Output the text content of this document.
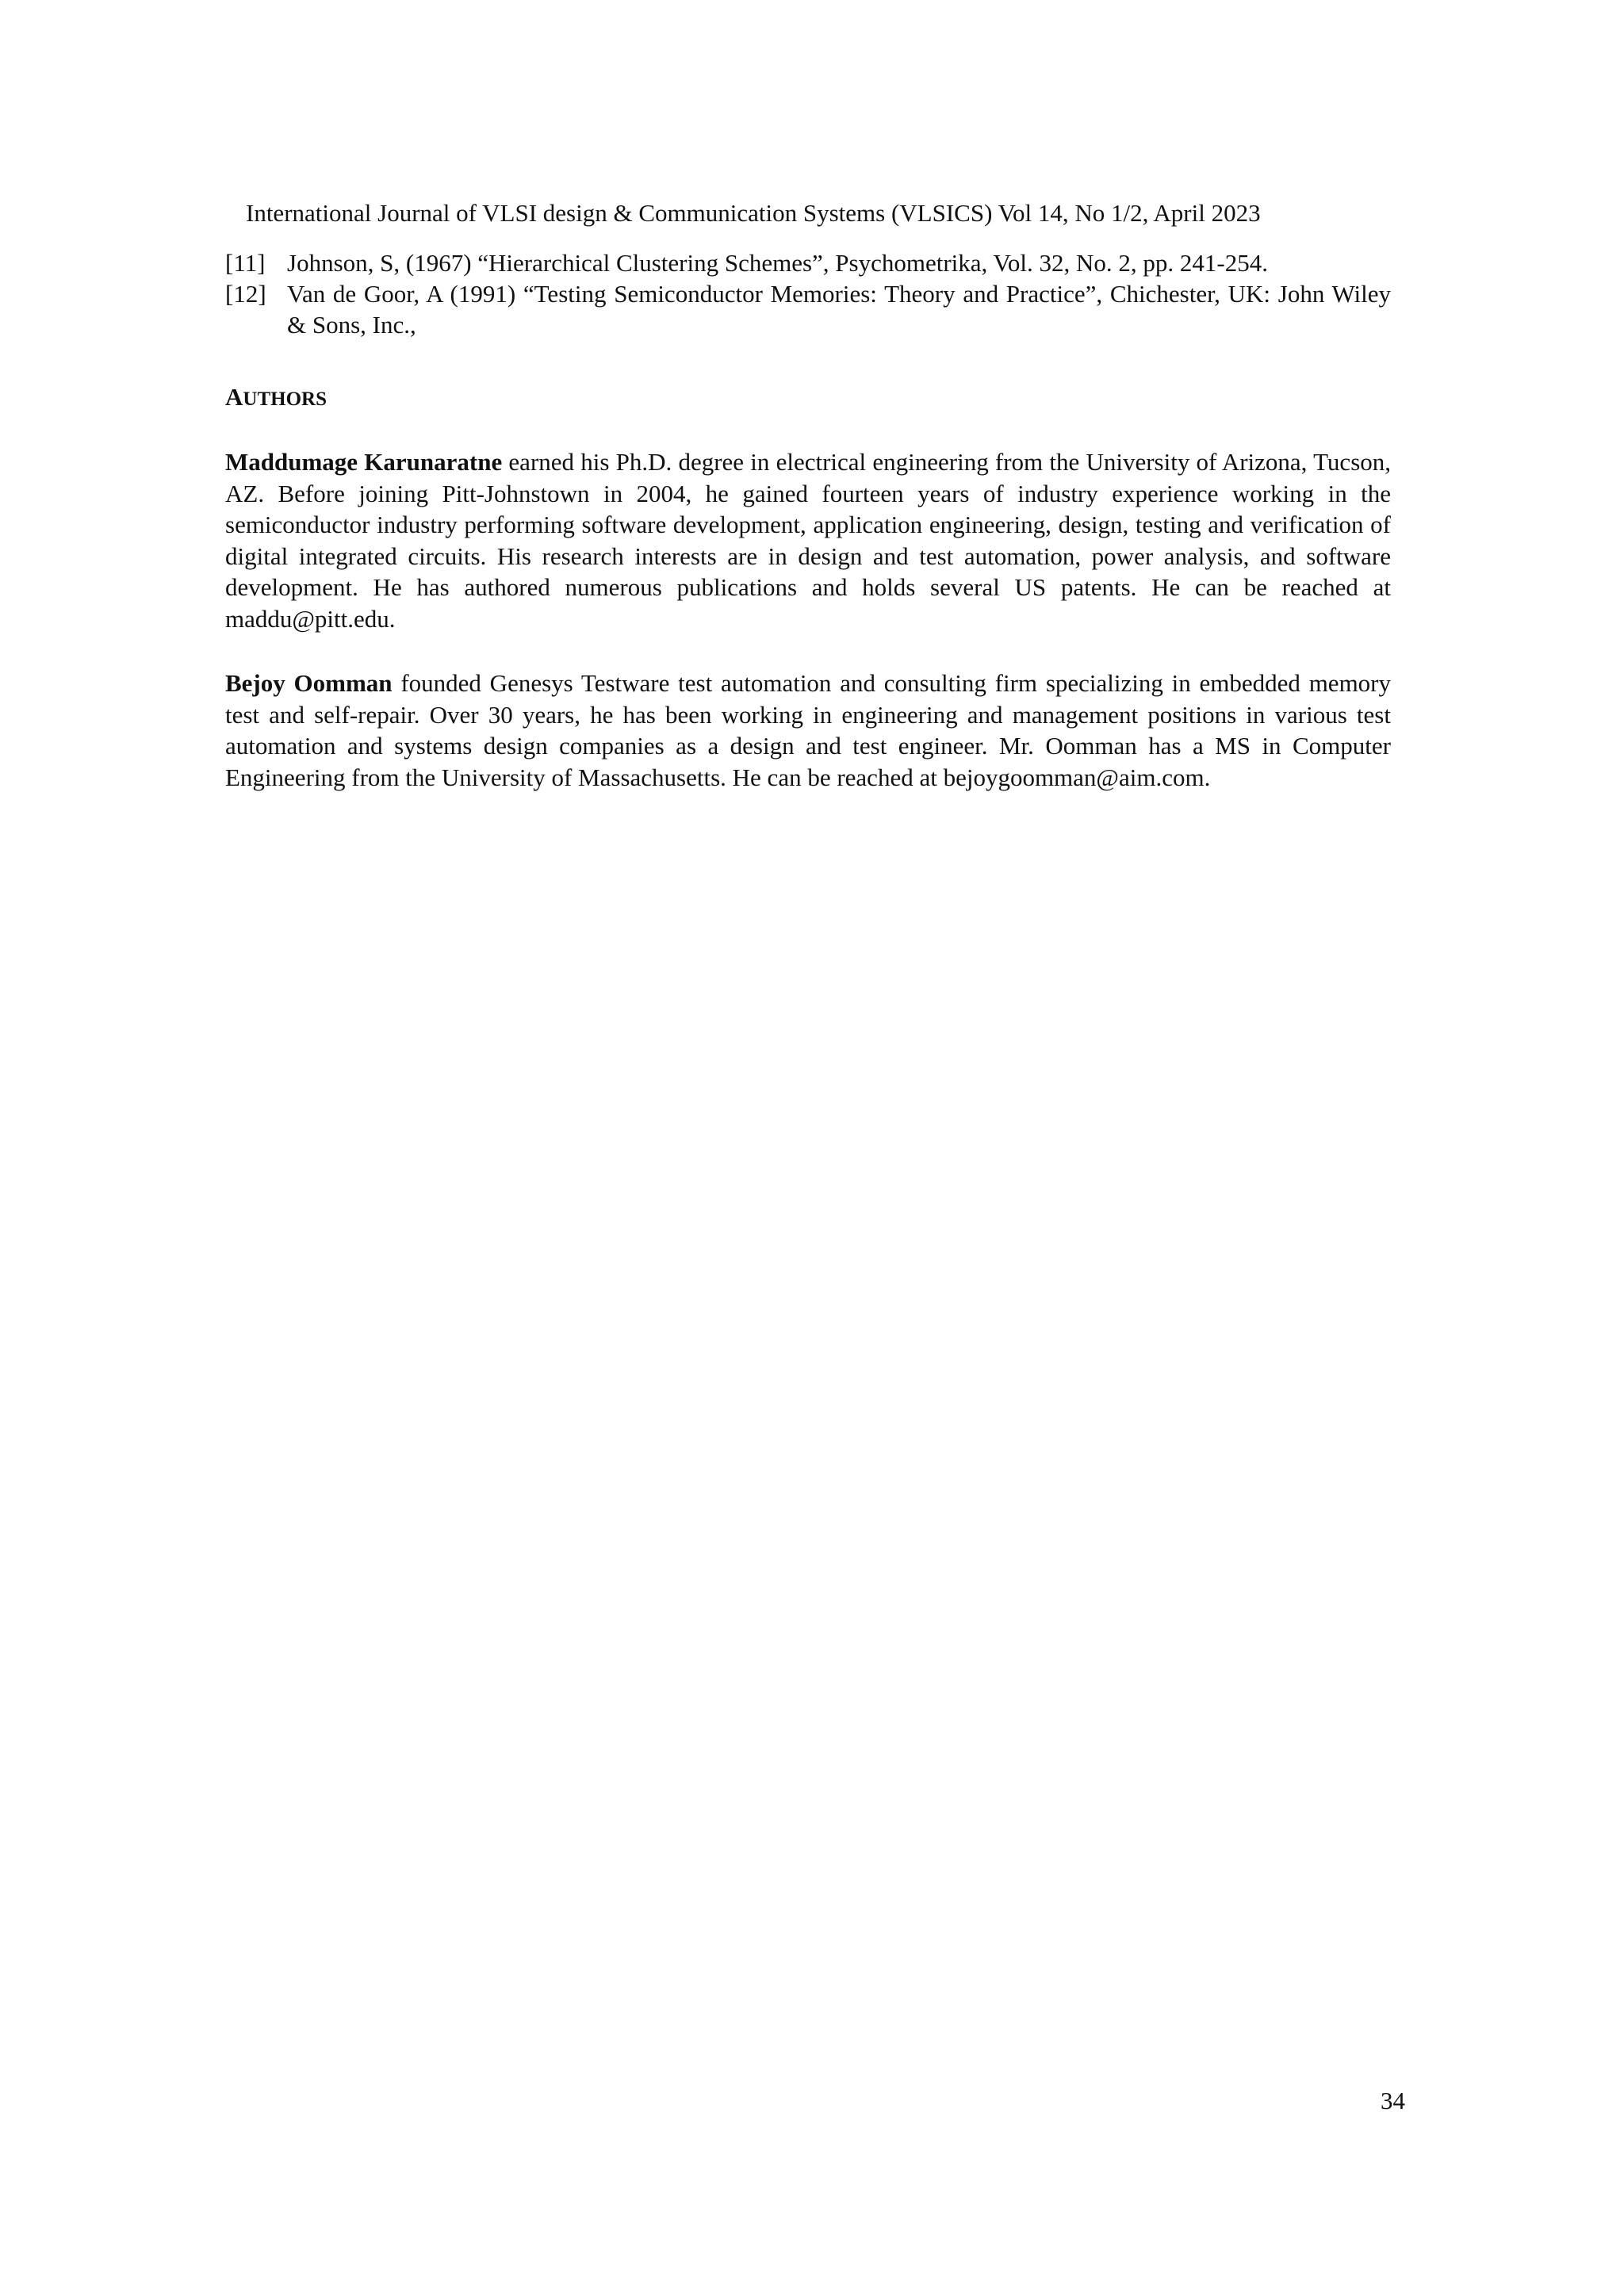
International Journal of VLSI design & Communication Systems (VLSICS) Vol 14, No 1/2, April 2023
[11] Johnson, S, (1967) “Hierarchical Clustering Schemes”, Psychometrika, Vol. 32, No. 2, pp. 241-254.
[12] Van de Goor, A (1991) “Testing Semiconductor Memories: Theory and Practice”, Chichester, UK: John Wiley & Sons, Inc.,
AUTHORS
Maddumage Karunaratne earned his Ph.D. degree in electrical engineering from the University of Arizona, Tucson, AZ. Before joining Pitt-Johnstown in 2004, he gained fourteen years of industry experience working in the semiconductor industry performing software development, application engineering, design, testing and verification of digital integrated circuits. His research interests are in design and test automation, power analysis, and software development. He has authored numerous publications and holds several US patents. He can be reached at maddu@pitt.edu.
Bejoy Oomman founded Genesys Testware test automation and consulting firm specializing in embedded memory test and self-repair. Over 30 years, he has been working in engineering and management positions in various test automation and systems design companies as a design and test engineer. Mr. Oomman has a MS in Computer Engineering from the University of Massachusetts. He can be reached at bejoygoomman@aim.com.
34
